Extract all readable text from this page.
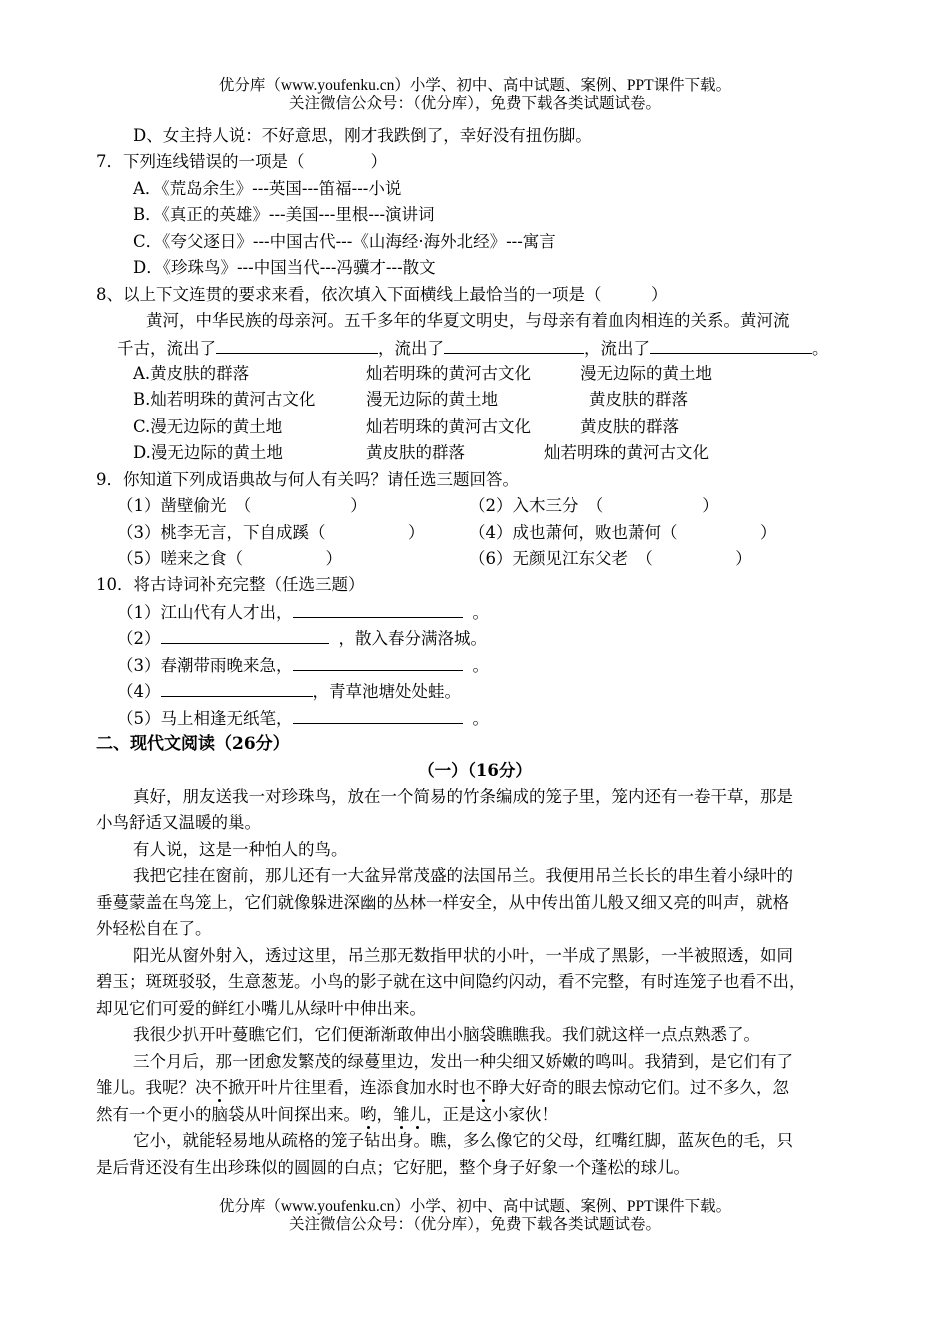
优分库（www.youfenku.cn）小学、初中、高中试题、案例、PPT课件下载。
关注微信公众号：（优分库），免费下载各类试题试卷。
D、女主持人说：不好意思，刚才我跌倒了，幸好没有扭伤脚。
7．下列连线错误的一项是（　　　　）
A．《荒岛余生》---英国---笛福---小说
B．《真正的英雄》---美国---里根---演讲词
C．《夸父逐日》---中国古代---《山海经·海外北经》---寓言
D．《珍珠鸟》---中国当代---冯骥才---散文
8、以上下文连贯的要求来看，依次填入下面横线上最恰当的一项是（　　　）
黄河，中华民族的母亲河。五千多年的华夏文明史，与母亲有着血肉相连的关系。黄河流
千古，流出了	，流出了	，流出了	。
A.黄皮肤的群落	灿若明珠的黄河古文化	漫无边际的黄土地
B.灿若明珠的黄河古文化	漫无边际的黄土地	黄皮肤的群落
C.漫无边际的黄土地	灿若明珠的黄河古文化	黄皮肤的群落
D.漫无边际的黄土地	黄皮肤的群落	灿若明珠的黄河古文化
9．你知道下列成语典故与何人有关吗？请任选三题回答。
（1）凿壁偷光　（　　　　　　）	（2）入木三分　（　　　　　　）
（3）桃李无言，下自成蹊（　　　　　）	（4）成也萧何，败也萧何（　　　　　）
（5）嗟来之食（　　　　　）	（6）无颜见江东父老　（　　　　　）
10．将古诗词补充完整（任选三题）
（1）江山代有人才出，	。
（2）	，散入春分满洛城。
（3）春潮带雨晚来急，	。
（4）	，青草池塘处处蛙。
（5）马上相逢无纸笔，	。
二、现代文阅读（26分）
（一）（16分）
真好，朋友送我一对珍珠鸟，放在一个简易的竹条编成的笼子里，笼内还有一卷干草，那是
小鸟舒适又温暖的巢。
有人说，这是一种怕人的鸟。
我把它挂在窗前，那儿还有一大盆异常茂盛的法国吊兰。我便用吊兰长长的串生着小绿叶的
垂蔓蒙盖在鸟笼上，它们就像躲进深幽的丛林一样安全，从中传出笛儿般又细又亮的叫声，就格
外轻松自在了。
阳光从窗外射入，透过这里，吊兰那无数指甲状的小叶，一半成了黑影，一半被照透，如同
碧玉；斑斑驳驳，生意葱茏。小鸟的影子就在这中间隐约闪动，看不完整，有时连笼子也看不出，
却见它们可爱的鲜红小嘴儿从绿叶中伸出来。
我很少扒开叶蔓瞧它们，它们便渐渐敢伸出小脑袋瞧瞧我。我们就这样一点点熟悉了。
三个月后，那一团愈发繁茂的绿蔓里边，发出一种尖细又娇嫩的鸣叫。我猜到，是它们有了
雏儿。我呢？决不掀开叶片往里看，连添食加水时也不睁大好奇的眼去惊动它们。过不多久，忽
然有一个更小的脑袋从叶间探出来。哟，雏儿，正是这小家伙！
它小，就能轻易地从疏格的笼子钻出身。瞧，多么像它的父母，红嘴红脚，蓝灰色的毛，只
是后背还没有生出珍珠似的圆圆的白点；它好肥，整个身子好象一个蓬松的球儿。
优分库（www.youfenku.cn）小学、初中、高中试题、案例、PPT课件下载。
关注微信公众号：（优分库），免费下载各类试题试卷。
